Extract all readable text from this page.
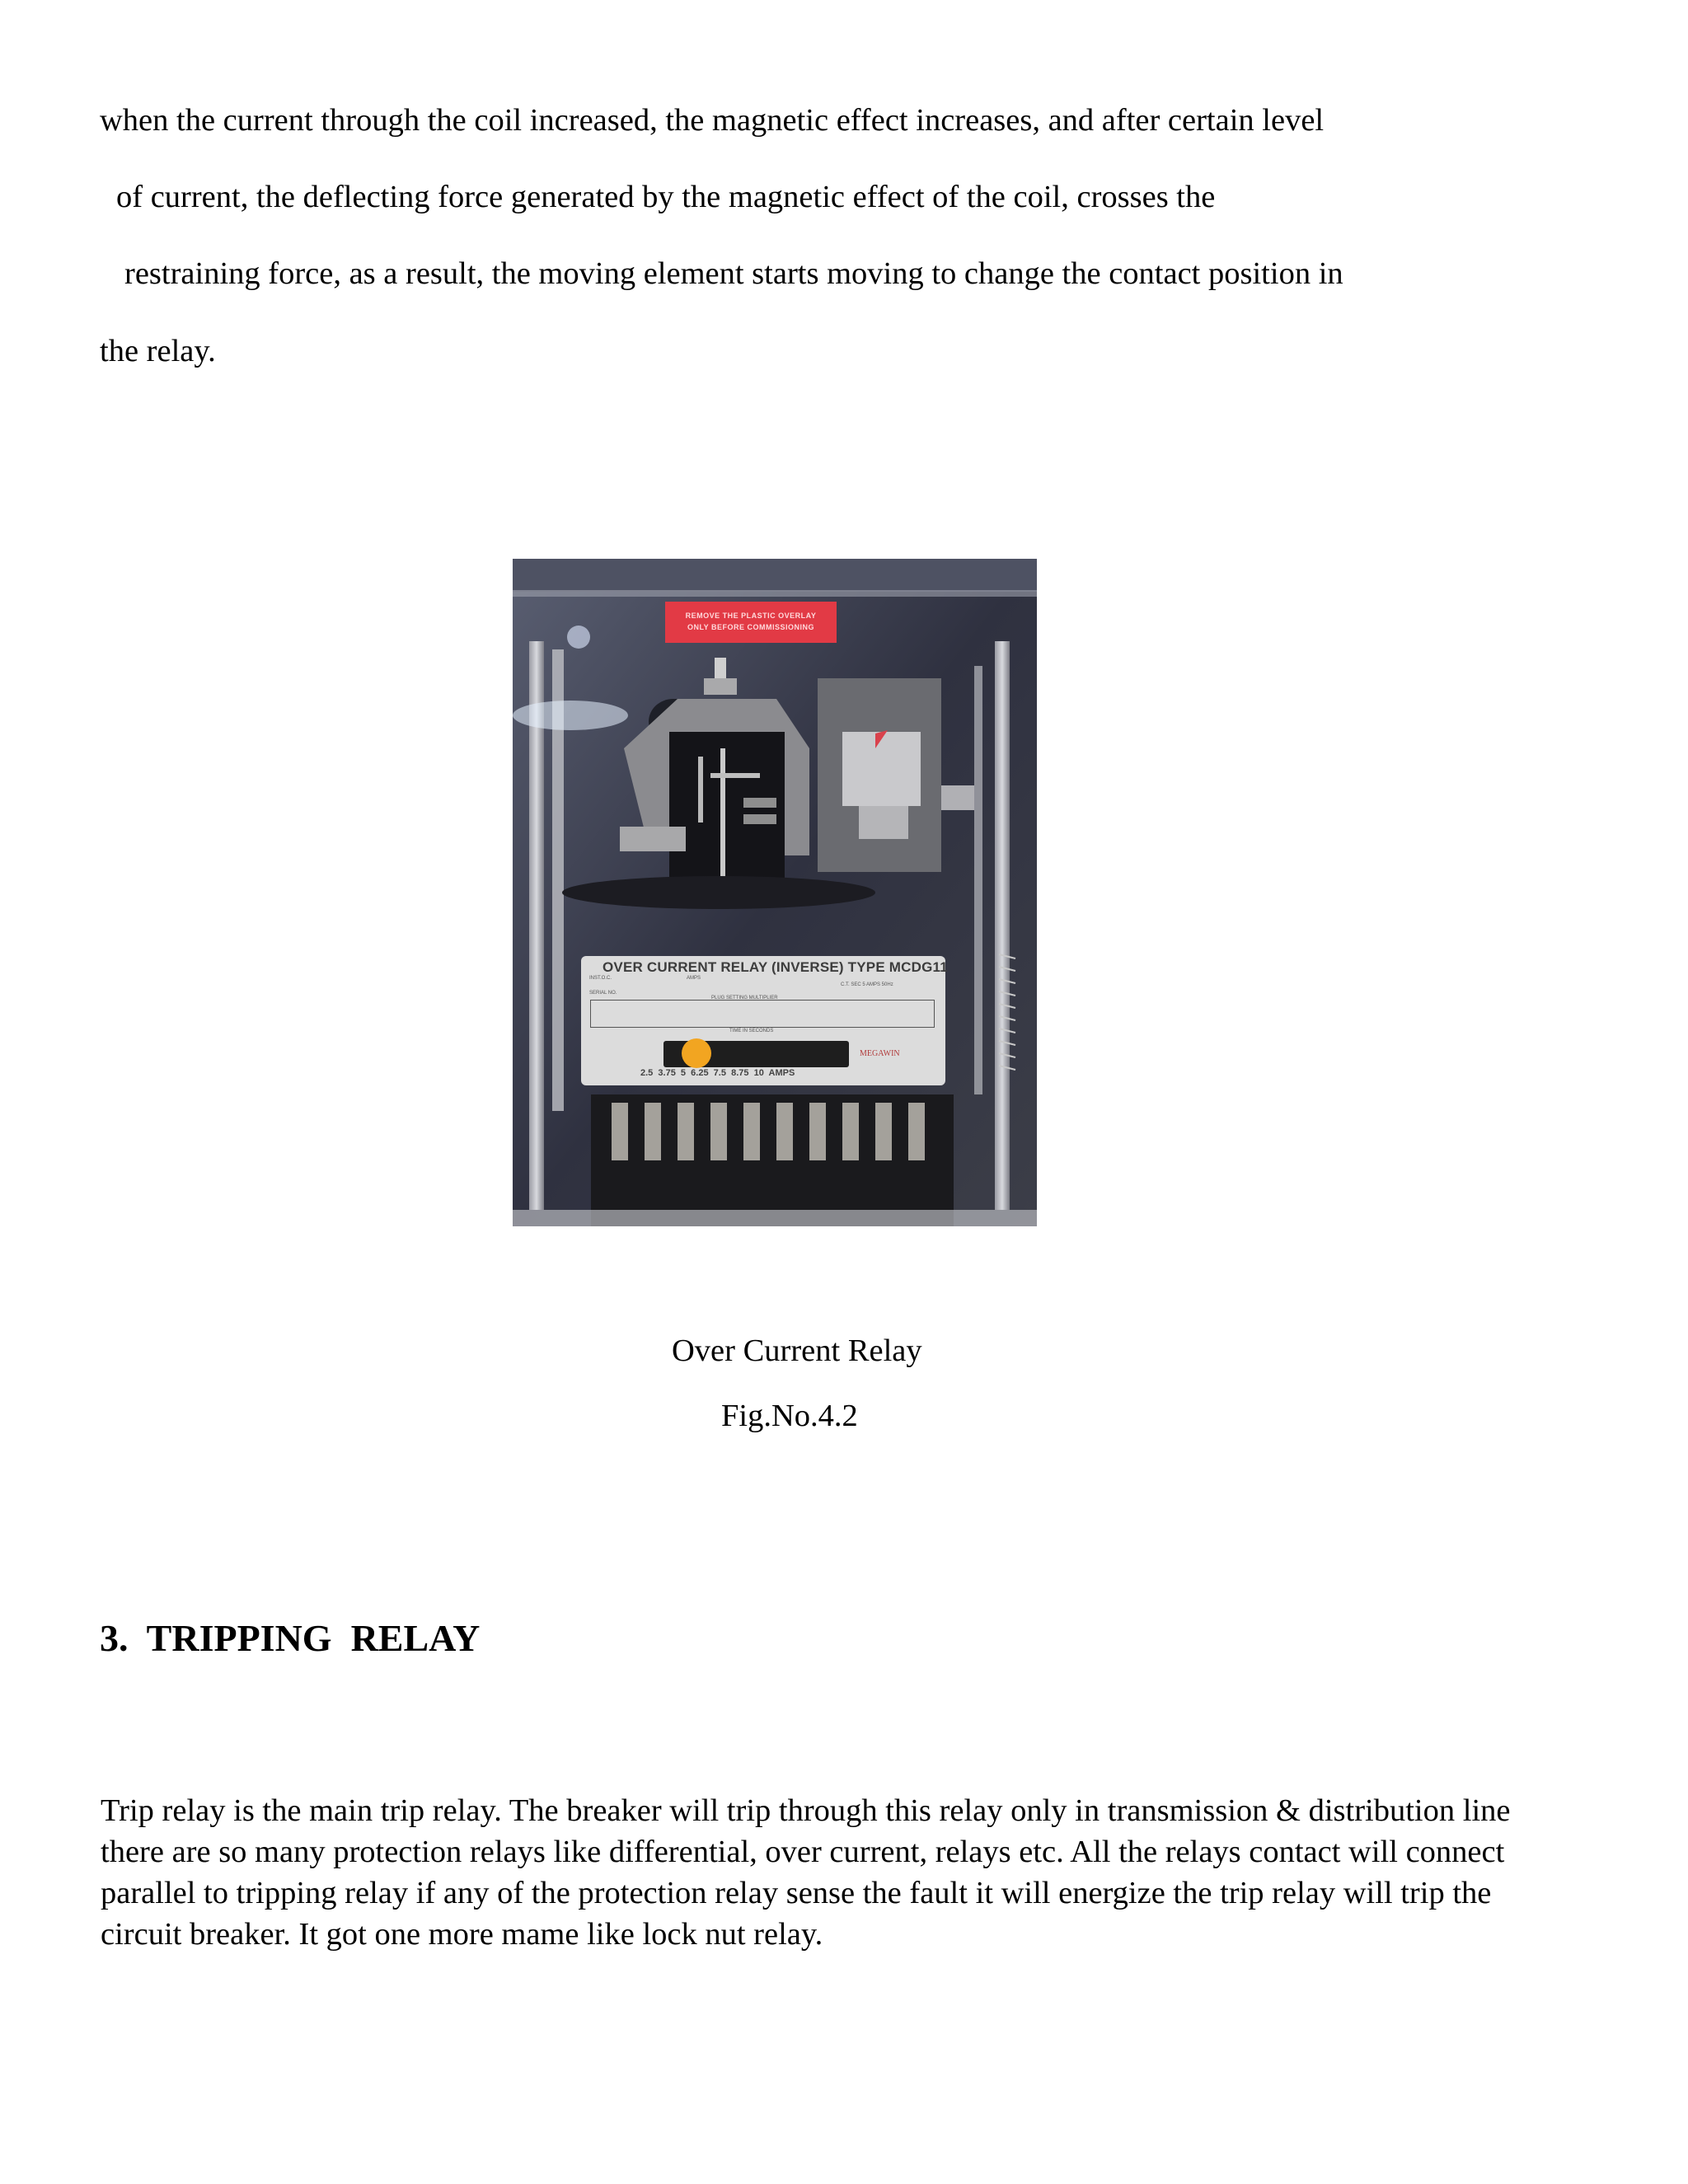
when the current through the coil increased, the magnetic effect increases, and after certain level
of current, the deflecting force generated by the magnetic effect of the coil, crosses the
restraining force, as a result, the moving element starts moving to change the contact position in
the relay.
REMOVE THE PLASTIC OVERLAY
ONLY BEFORE COMMISSIONING
OVER CURRENT RELAY (INVERSE) TYPE MCDG11
INST.O.C.	AMPS
C.T. SEC 5 AMPS 50Hz
SERIAL NO.
PLUG SETTING MULTIPLIER
TIME IN SECONDS
MEGAWIN
2.5  3.75  5  6.25  7.5  8.75  10  AMPS
Over Current Relay
Fig.No.4.2
3.  TRIPPING  RELAY
Trip relay is the main trip relay. The breaker will trip through this relay only in transmission & distribution line
there are so many protection relays like differential, over current, relays etc. All the relays contact will connect
parallel to tripping relay if any of the protection relay sense the fault it will energize the trip relay will trip the
circuit breaker. It got one more mame like lock nut relay.
